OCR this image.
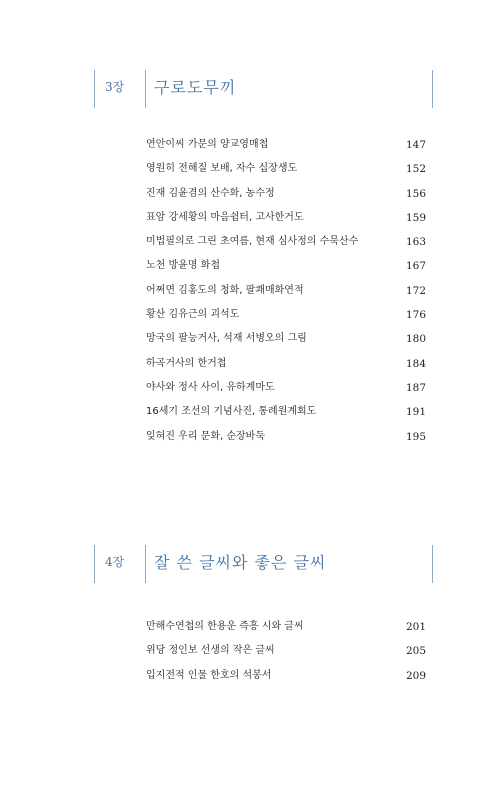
3장 구로도무끼
연안이씨 가문의 양교영매첩	147
영원히 전해질 보배, 자수 십장생도	152
진재 김윤겸의 산수화, 농수정	156
표암 강세황의 마음쉼터, 고사한거도	159
미법필의로 그린 초여름, 현재 심사정의 수묵산수	163
노천 방윤명 화첩	167
어쩌면 김홍도의 청화, 팔쾌매화연적	172
황산 김유근의 괴석도	176
망국의 팔능거사, 석재 서병오의 그림	180
하곡거사의 한거첩	184
야사와 정사 사이, 유하계마도	187
16세기 조선의 기념사진, 통례원계회도	191
잊혀진 우리 문화, 순장바둑	195
4장 잘 쓴 글씨와 좋은 글씨
만해수연첩의 한용운 즉흥 시와 글씨	201
위당 정인보 선생의 작은 글씨	205
입지전적 인물 한호의 석봉서	209
